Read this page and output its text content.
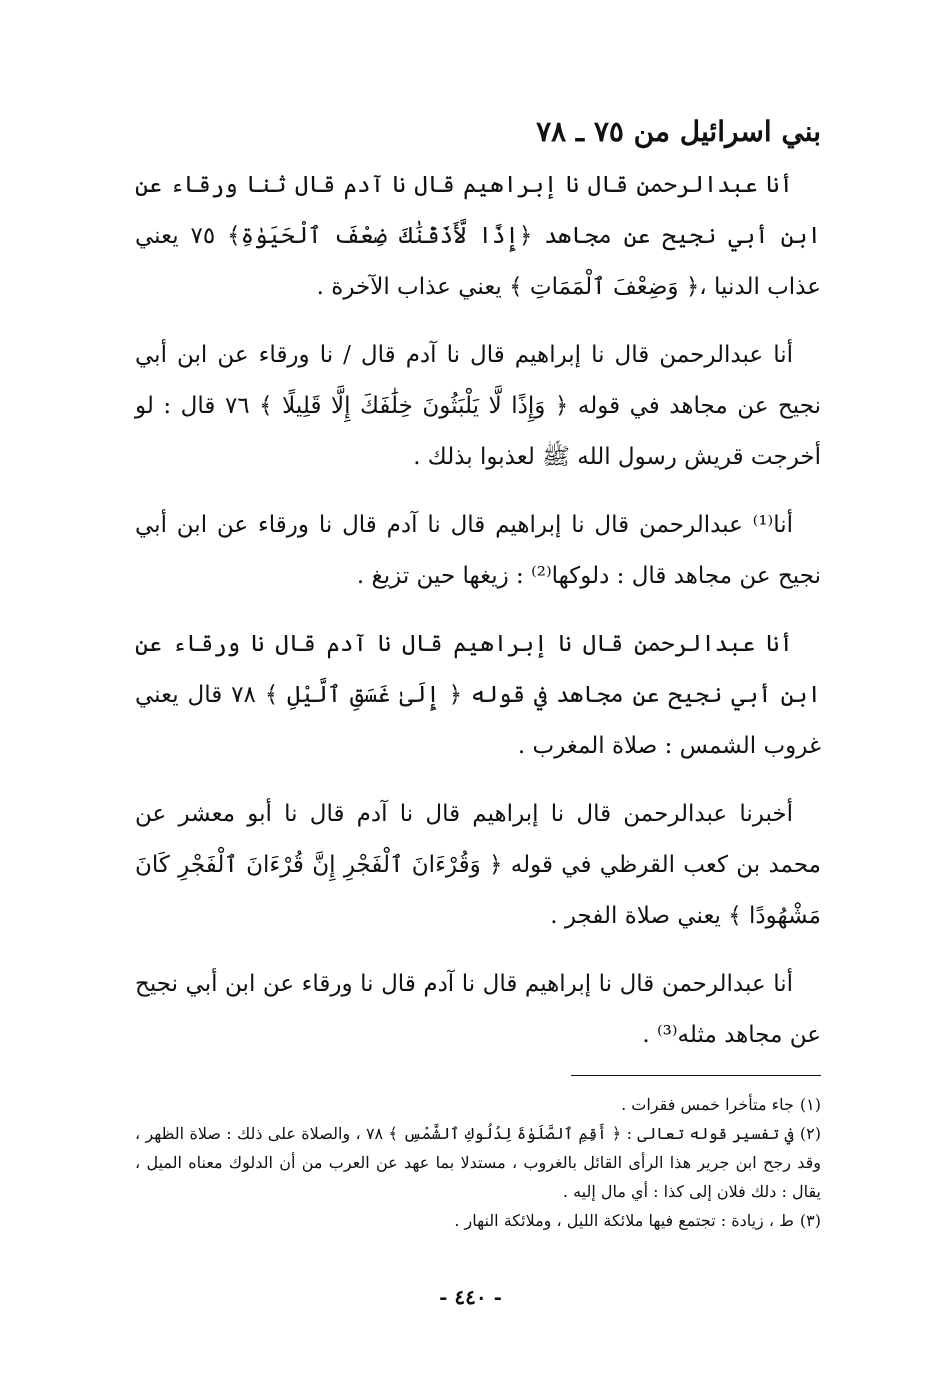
بني اسرائيل من ٧٥ ـ ٧٨

أنا عبدالرحمن قال نا إبراهيم قال نا آدم قال ثنا ورقاء عن ابن أبي نجيح عن مجاهد ﴿إِذًا لَّأَذَقْنَٰكَ ضِعْفَ ٱلْحَيَوٰةِ﴾ ٧٥ يعني عذاب الدنيا ،﴿ وَضِعْفَ ٱلْمَمَاتِ ﴾ يعني عذاب الآخرة .

أنا عبدالرحمن قال نا إبراهيم قال نا آدم قال / نا ورقاء عن ابن أبي نجيح عن مجاهد في قوله ﴿ وَإِذًا لَّا يَلْبَثُونَ خِلَٰفَكَ إِلَّا قَلِيلًا ﴾ ٧٦ قال : لو أخرجت قريش رسول الله ﷺ لعذبوا بذلك .

أنا⁽¹⁾ عبدالرحمن قال نا إبراهيم قال نا آدم قال نا ورقاء عن ابن أبي نجيح عن مجاهد قال : دلوكها⁽²⁾ : زيغها حين تزيغ .

أنا عبدالرحمن قال نا إبراهيم قال نا آدم قال نا ورقاء عن ابن أبي نجيح عن مجاهد في قوله ﴿ إِلَىٰ غَسَقِ ٱلَّيْلِ ﴾ ٧٨ قال يعني غروب الشمس : صلاة المغرب .

أخبرنا عبدالرحمن قال نا إبراهيم قال نا آدم قال نا أبو معشر عن محمد بن كعب القرظي في قوله ﴿ وَقُرْءَانَ ٱلْفَجْرِ إِنَّ قُرْءَانَ ٱلْفَجْرِ كَانَ مَشْهُودًا ﴾ يعني صلاة الفجر .

أنا عبدالرحمن قال نا إبراهيم قال نا آدم قال نا ورقاء عن ابن أبي نجيح عن مجاهد مثله⁽³⁾ .

(١)جاء متأخرا خمس فقرات .

(٢)في تفسير قوله تعالى : ﴿ أَقِمِ ٱلصَّلَوٰةَ لِدُلُوكِ ٱلشَّمْسِ ﴾ ٧٨ ، والصلاة على ذلك : صلاة الظهر ، وقد رجح ابن جرير هذا الرأى القائل بالغروب ، مستدلا بما عهد عن العرب من أن الدلوك معناه الميل ، يقال : دلك فلان إلى كذا : أي مال إليه .

(٣)ط ، زيادة : تجتمع فيها ملائكة الليل ، وملائكة النهار .

- ٤٤٠ -
